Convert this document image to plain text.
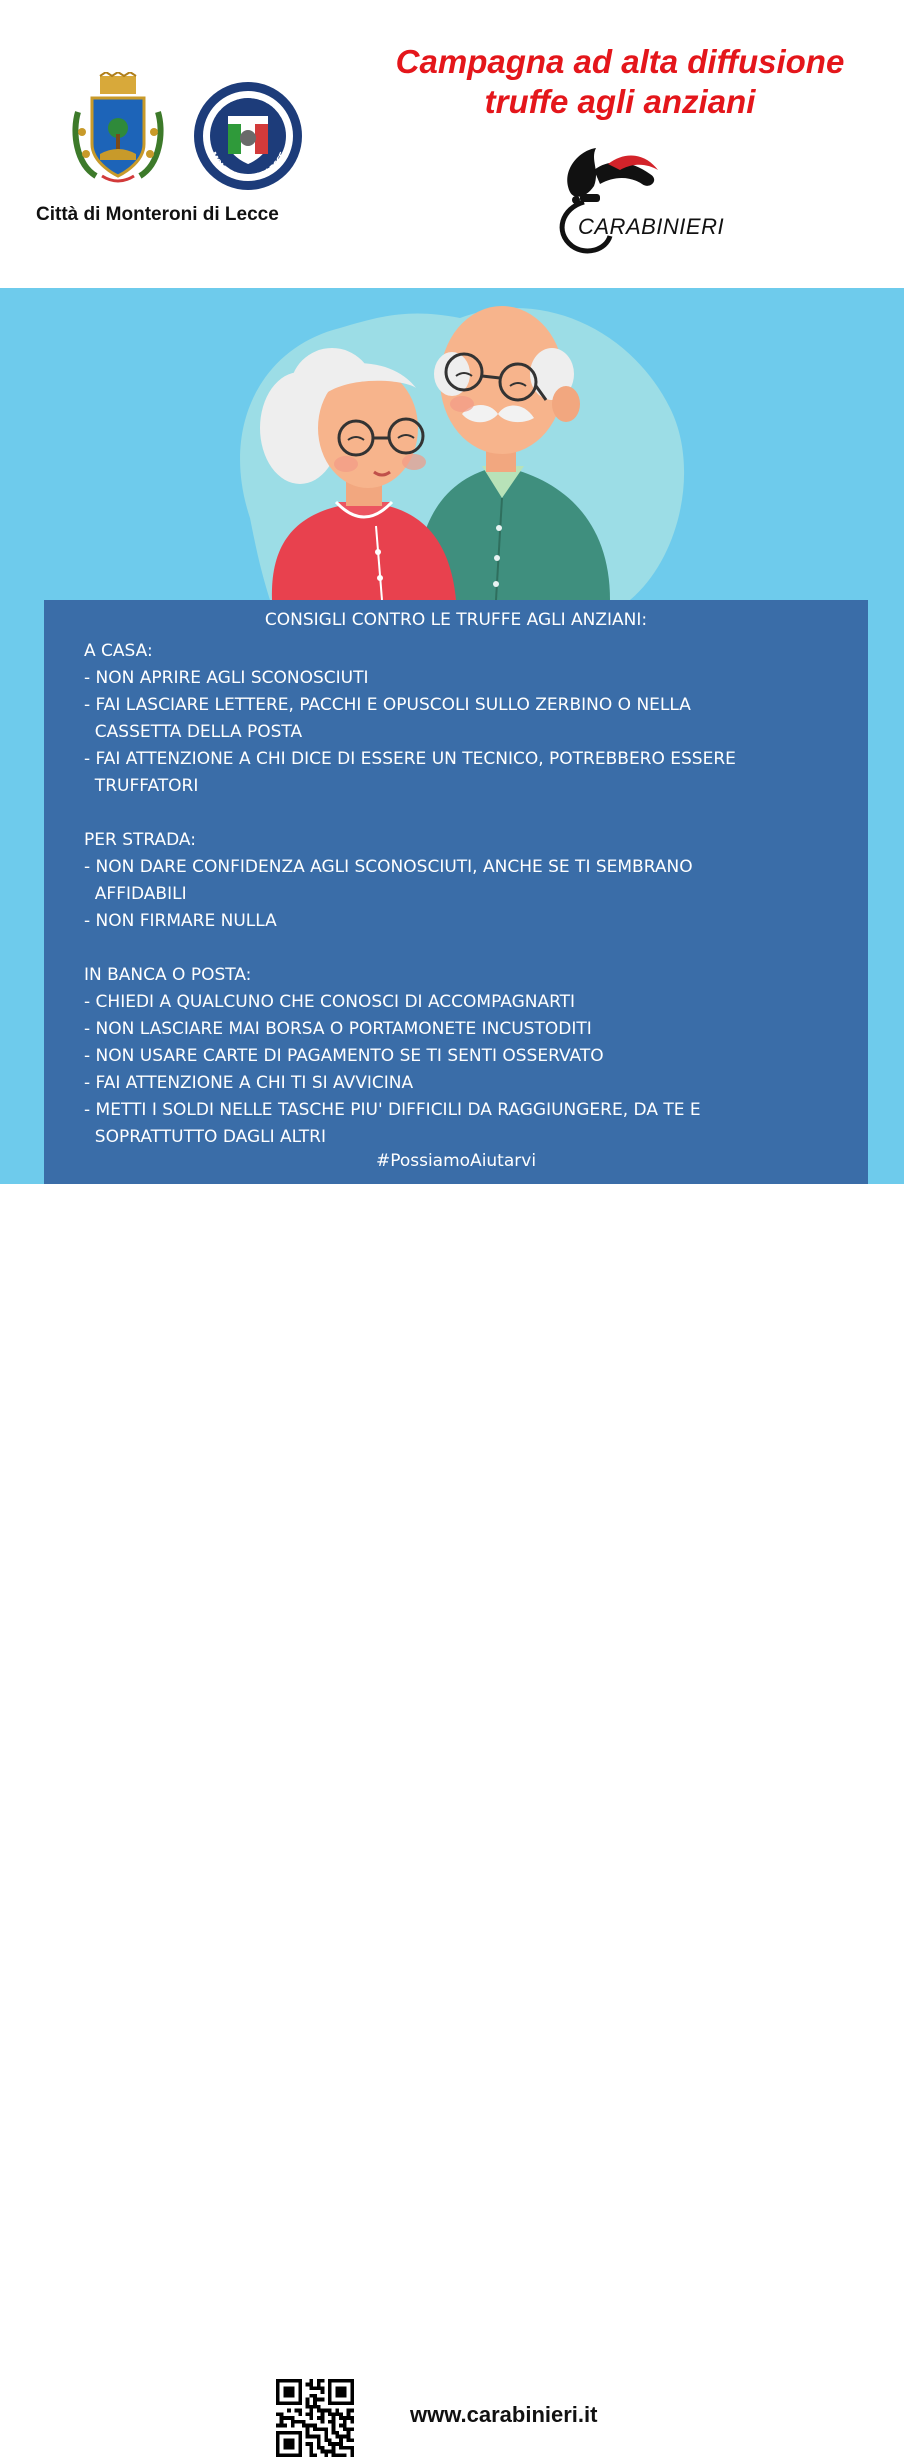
POLIZIA LOCALE
MONTERONI DI LECCE
Città di Monteroni di Lecce
Campagna ad alta diffusione
truffe agli anziani
CARABINIERI
CONSIGLI CONTRO LE TRUFFE AGLI ANZIANI:
A CASA:
- NON APRIRE AGLI SCONOSCIUTI
- FAI LASCIARE LETTERE, PACCHI E OPUSCOLI SULLO ZERBINO O NELLA
CASSETTA DELLA POSTA
- FAI ATTENZIONE A CHI DICE DI ESSERE UN TECNICO, POTREBBERO ESSERE
TRUFFATORI
PER STRADA:
- NON DARE CONFIDENZA AGLI SCONOSCIUTI, ANCHE SE TI SEMBRANO
AFFIDABILI
- NON FIRMARE NULLA
IN BANCA O POSTA:
- CHIEDI A QUALCUNO CHE CONOSCI DI ACCOMPAGNARTI
- NON LASCIARE MAI BORSA O PORTAMONETE INCUSTODITI
- NON USARE CARTE DI PAGAMENTO SE TI SENTI OSSERVATO
- FAI ATTENZIONE A CHI TI SI AVVICINA
- METTI I SOLDI NELLE TASCHE PIU' DIFFICILI DA RAGGIUNGERE, DA TE E
SOPRATTUTTO DAGLI ALTRI
#PossiamoAiutarvi
www.carabinieri.it
